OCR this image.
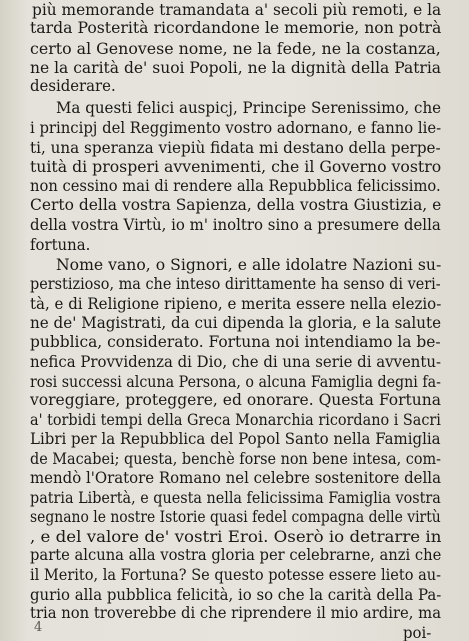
più memorande tramandata a' secoli più remoti, e la
tarda Posterità ricordandone le memorie, non potrà
certo al Genovese nome, ne la fede, ne la costanza,
ne la carità de' suoi Popoli, ne la dignità della Patria
desiderare.
Ma questi felici auspicj, Principe Serenissimo, che
i principj del Reggimento vostro adornano, e fanno lie-
ti, una speranza viepiù fidata mi destano della perpe-
tuità di prosperi avvenimenti, che il Governo vostro
non cessino mai di rendere alla Repubblica felicissimo.
Certo della vostra Sapienza, della vostra Giustizia, e
della vostra Virtù, io m' inoltro sino a presumere della
fortuna.
Nome vano, o Signori, e alle idolatre Nazioni su-
perstizioso, ma che inteso dirittamente ha senso di veri-
tà, e di Religione ripieno, e merita essere nella elezio-
ne de' Magistrati, da cui dipenda la gloria, e la salute
pubblica, considerato. Fortuna noi intendiamo la be-
nefica Provvidenza di Dio, che di una serie di avventu-
rosi successi alcuna Persona, o alcuna Famiglia degni fa-
voreggiare, proteggere, ed onorare. Questa Fortuna
a' torbidi tempi della Greca Monarchia ricordano i Sacri
Libri per la Repubblica del Popol Santo nella Famiglia
de Macabei; questa, benchè forse non bene intesa, com-
mendò l'Oratore Romano nel celebre sostenitore della
patria Libertà, e questa nella felicissima Famiglia vostra
segnano le nostre Istorie quasi fedel compagna delle virtù
, e del valore de' vostri Eroi. Oserò io detrarre in
parte alcuna alla vostra gloria per celebrarne, anzi che
il Merito, la Fortuna? Se questo potesse essere lieto au-
gurio alla pubblica felicità, io so che la carità della Pa-
tria non troverebbe di che riprendere il mio ardire, ma
poi-
4
